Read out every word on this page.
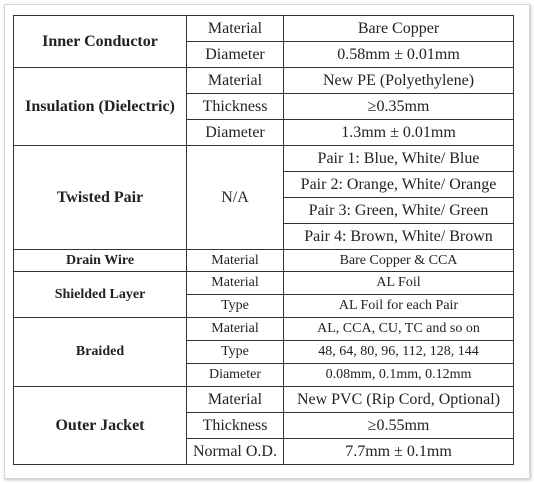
Inner Conductor	Material	Bare Copper
	Diameter	0.58mm ± 0.01mm
Insulation (Dielectric)	Material	New PE (Polyethylene)
	Thickness	≥0.35mm
	Diameter	1.3mm ± 0.01mm
Twisted Pair	N/A	Pair 1: Blue, White/ Blue
		Pair 2: Orange, White/ Orange
		Pair 3: Green, White/ Green
		Pair 4: Brown, White/ Brown
Drain Wire	Material	Bare Copper & CCA
Shielded Layer	Material	AL Foil
	Type	AL Foil for each Pair
Braided	Material	AL, CCA, CU, TC and so on
	Type	48, 64, 80, 96, 112, 128, 144
	Diameter	0.08mm, 0.1mm, 0.12mm
Outer Jacket	Material	New PVC (Rip Cord, Optional)
	Thickness	≥0.55mm
	Normal O.D.	7.7mm ± 0.1mm
